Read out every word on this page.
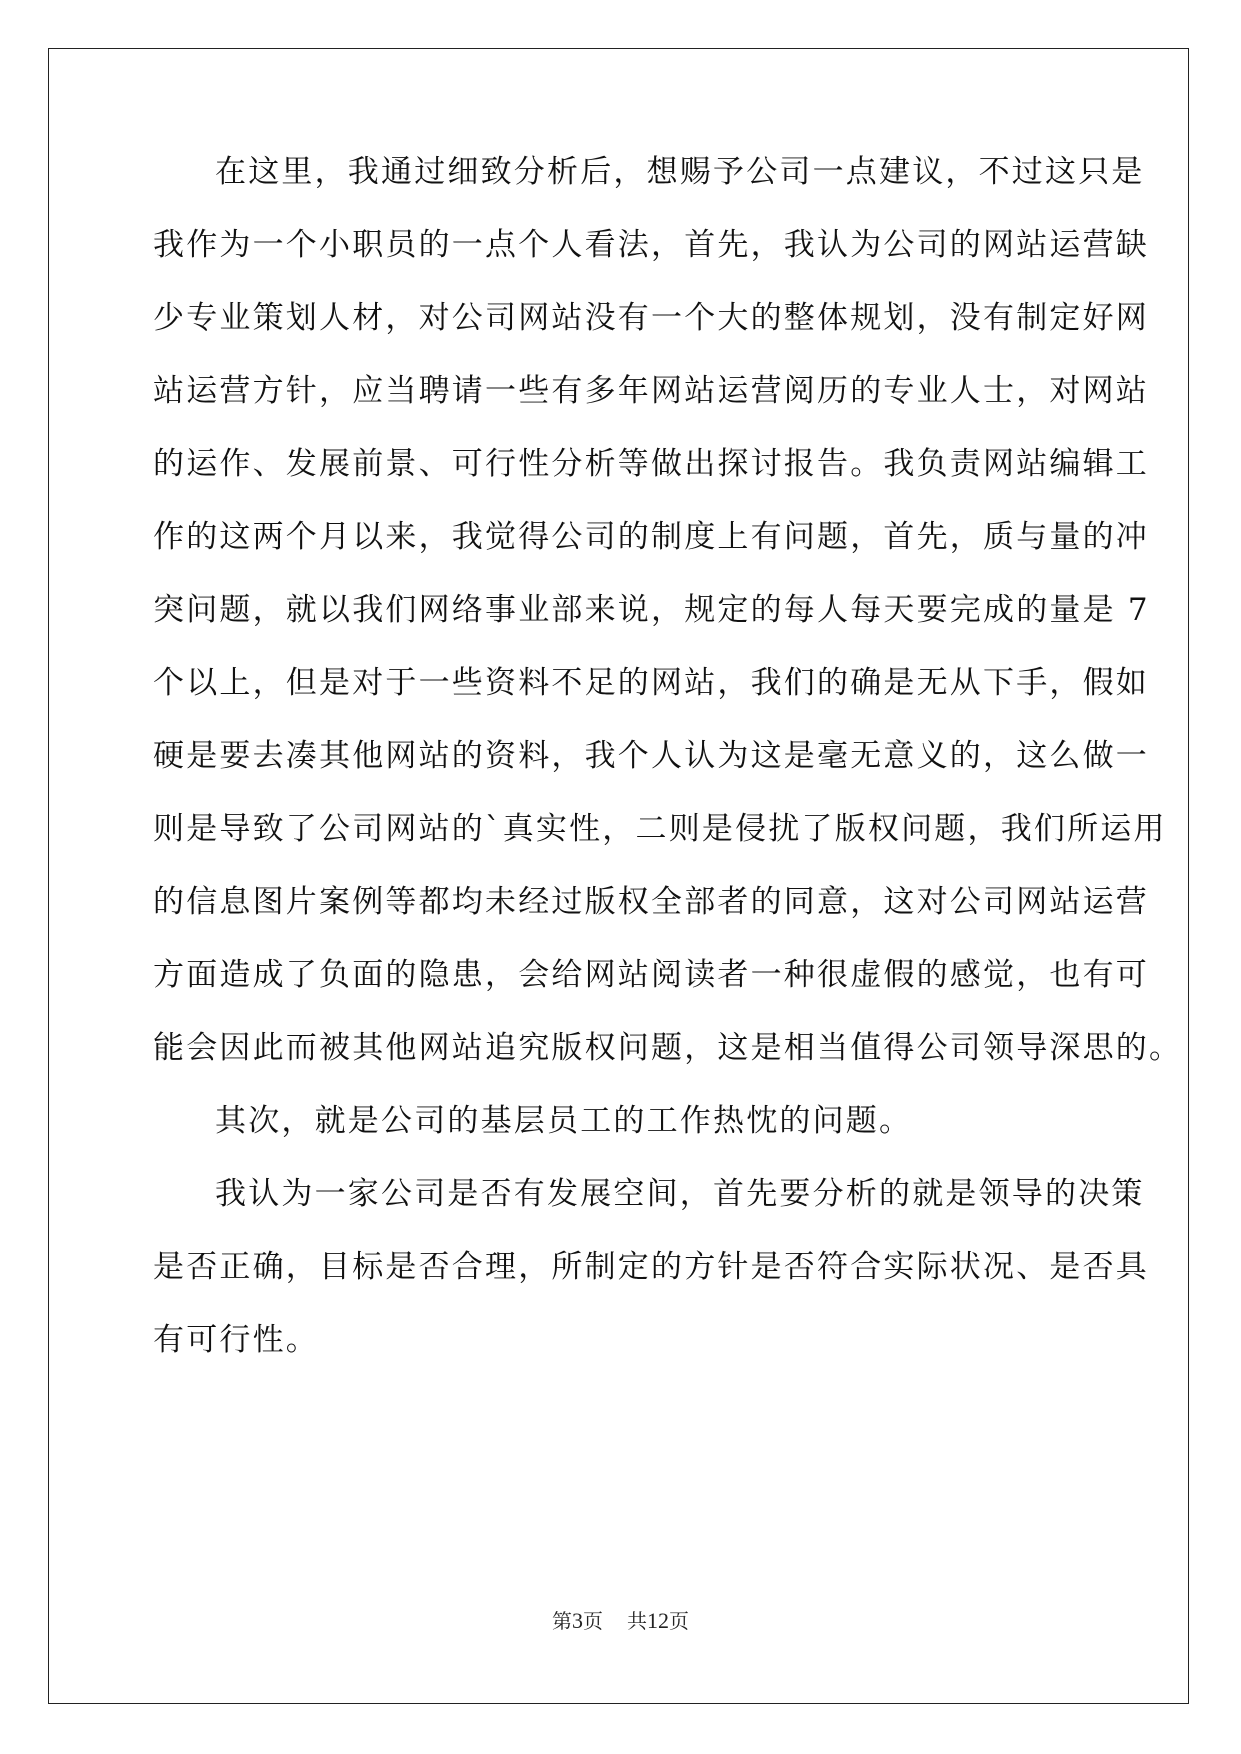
在这里，我通过细致分析后，想赐予公司一点建议，不过这只是
我作为一个小职员的一点个人看法，首先，我认为公司的网站运营缺
少专业策划人材，对公司网站没有一个大的整体规划，没有制定好网
站运营方针，应当聘请一些有多年网站运营阅历的专业人士，对网站
的运作、发展前景、可行性分析等做出探讨报告。我负责网站编辑工
作的这两个月以来，我觉得公司的制度上有问题，首先，质与量的冲
突问题，就以我们网络事业部来说，规定的每人每天要完成的量是 7
个以上，但是对于一些资料不足的网站，我们的确是无从下手，假如
硬是要去凑其他网站的资料，我个人认为这是毫无意义的，这么做一
则是导致了公司网站的`真实性，二则是侵扰了版权问题，我们所运用
的信息图片案例等都均未经过版权全部者的同意，这对公司网站运营
方面造成了负面的隐患，会给网站阅读者一种很虚假的感觉，也有可
能会因此而被其他网站追究版权问题，这是相当值得公司领导深思的。
其次，就是公司的基层员工的工作热忱的问题。
我认为一家公司是否有发展空间，首先要分析的就是领导的决策
是否正确，目标是否合理，所制定的方针是否符合实际状况、是否具
有可行性。
第3页 共12页
